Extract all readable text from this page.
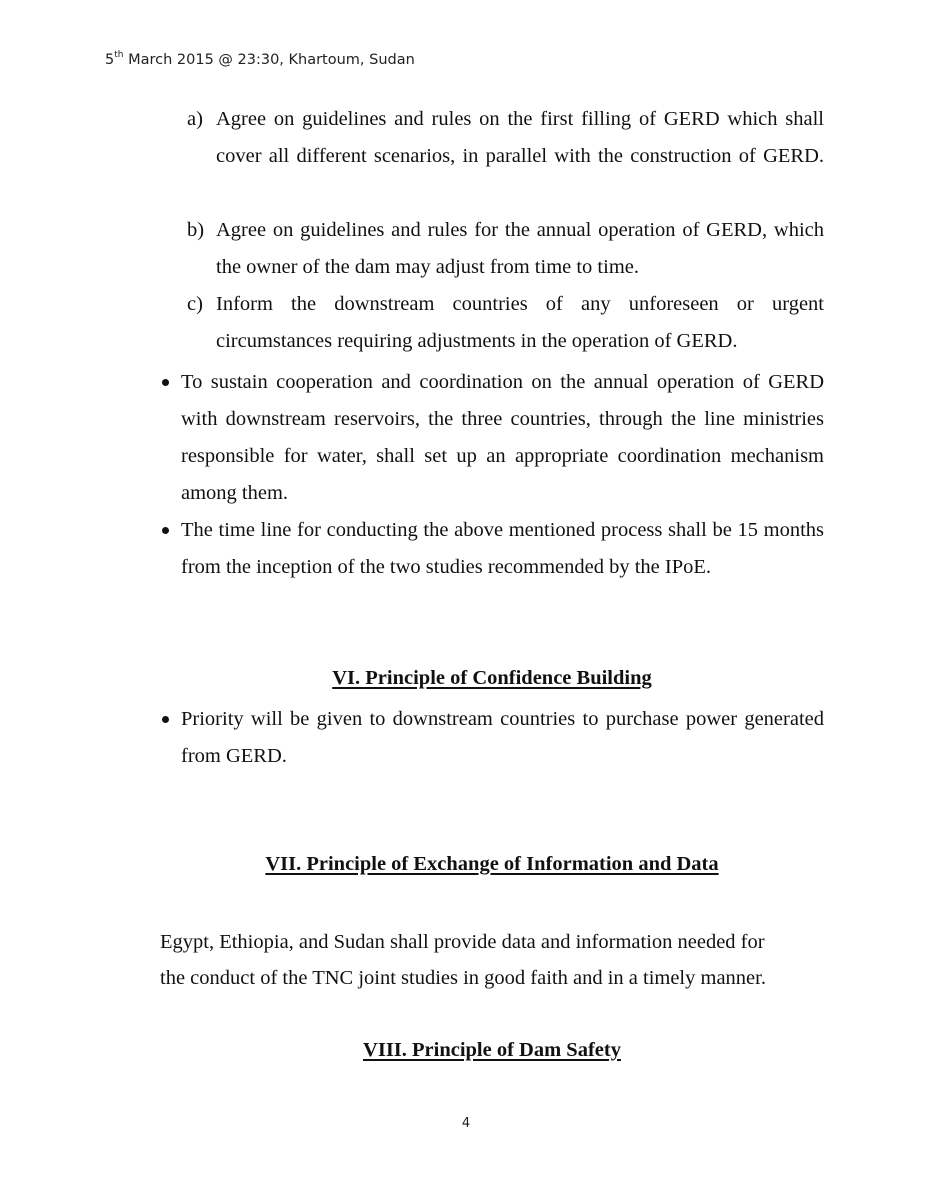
5th March 2015 @ 23:30, Khartoum, Sudan
a) Agree on guidelines and rules on the first filling of GERD which shall cover all different scenarios, in parallel with the construction of GERD.
b) Agree on guidelines and rules for the annual operation of GERD, which the owner of the dam may adjust from time to time.
c) Inform the downstream countries of any unforeseen or urgent circumstances requiring adjustments in the operation of GERD.
To sustain cooperation and coordination on the annual operation of GERD with downstream reservoirs, the three countries, through the line ministries responsible for water, shall set up an appropriate coordination mechanism among them.
The time line for conducting the above mentioned process shall be 15 months from the inception of the two studies recommended by the IPoE.
VI. Principle of Confidence Building
Priority will be given to downstream countries to purchase power generated from GERD.
VII. Principle of Exchange of Information and Data
Egypt, Ethiopia, and Sudan shall provide data and information needed for
the conduct of the TNC joint studies in good faith and in a timely manner.
VIII. Principle of Dam Safety
4
